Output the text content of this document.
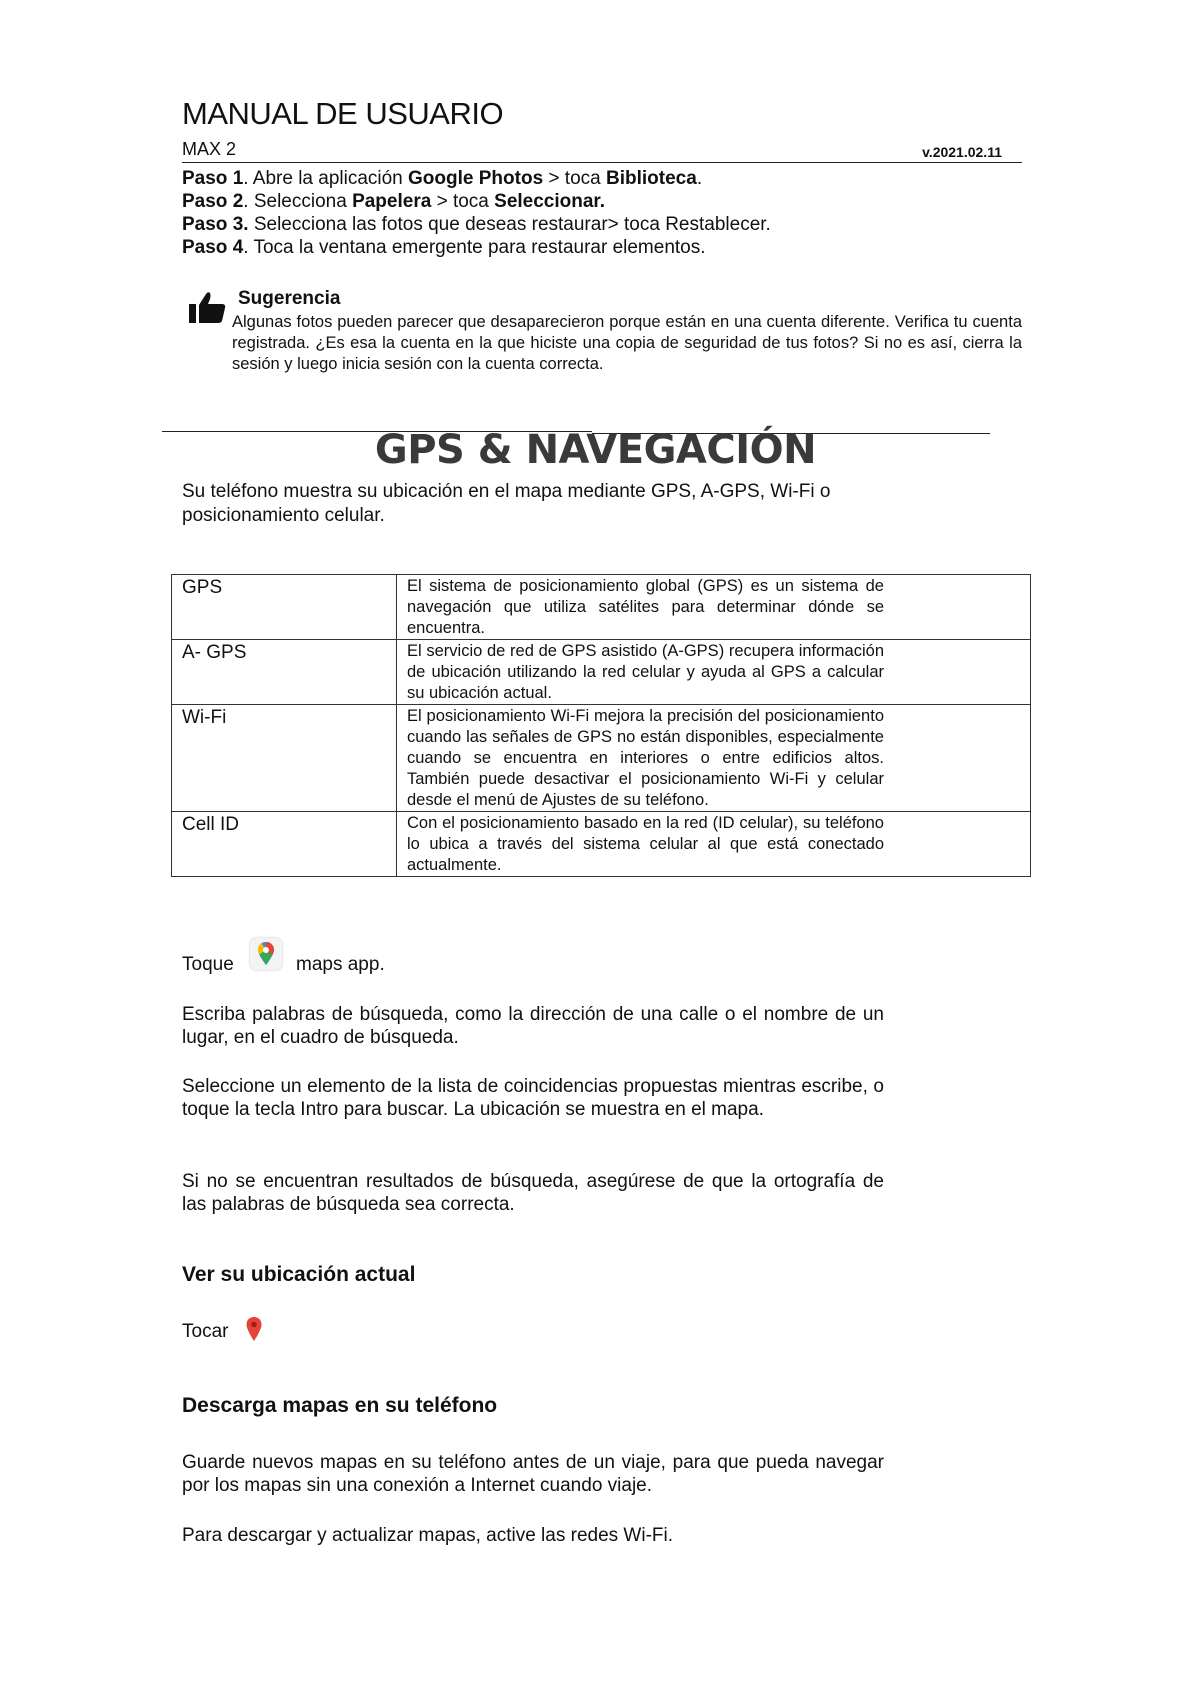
MANUAL DE USUARIO
MAX 2	v.2021.02.11
Paso 1. Abre la aplicación Google Photos > toca Biblioteca.
Paso 2. Selecciona Papelera > toca Seleccionar.
Paso 3. Selecciona las fotos que deseas restaurar> toca Restablecer.
Paso 4. Toca la ventana emergente para restaurar elementos.
Sugerencia
Algunas fotos pueden parecer que desaparecieron porque están en una cuenta diferente. Verifica tu cuenta registrada. ¿Es esa la cuenta en la que hiciste una copia de seguridad de tus fotos? Si no es así, cierra la sesión y luego inicia sesión con la cuenta correcta.
GPS & NAVEGACIÓN
Su teléfono muestra su ubicación en el mapa mediante GPS, A-GPS, Wi-Fi o posicionamiento celular.
GPS	El sistema de posicionamiento global (GPS) es un sistema de navegación que utiliza satélites para determinar dónde se encuentra.
A- GPS	El servicio de red de GPS asistido (A-GPS) recupera información de ubicación utilizando la red celular y ayuda al GPS a calcular su ubicación actual.
Wi-Fi	El posicionamiento Wi-Fi mejora la precisión del posicionamiento cuando las señales de GPS no están disponibles, especialmente cuando se encuentra en interiores o entre edificios altos. También puede desactivar el posicionamiento Wi-Fi y celular desde el menú de Ajustes de su teléfono.
Cell ID	Con el posicionamiento basado en la red (ID celular), su teléfono lo ubica a través del sistema celular al que está conectado actualmente.
Toque	maps app.
Escriba palabras de búsqueda, como la dirección de una calle o el nombre de un lugar, en el cuadro de búsqueda.
Seleccione un elemento de la lista de coincidencias propuestas mientras escribe, o toque la tecla Intro para buscar. La ubicación se muestra en el mapa.
Si no se encuentran resultados de búsqueda, asegúrese de que la ortografía de las palabras de búsqueda sea correcta.
Ver su ubicación actual
Tocar
Descarga mapas en su teléfono
Guarde nuevos mapas en su teléfono antes de un viaje, para que pueda navegar por los mapas sin una conexión a Internet cuando viaje.
Para descargar y actualizar mapas, active las redes Wi-Fi.
